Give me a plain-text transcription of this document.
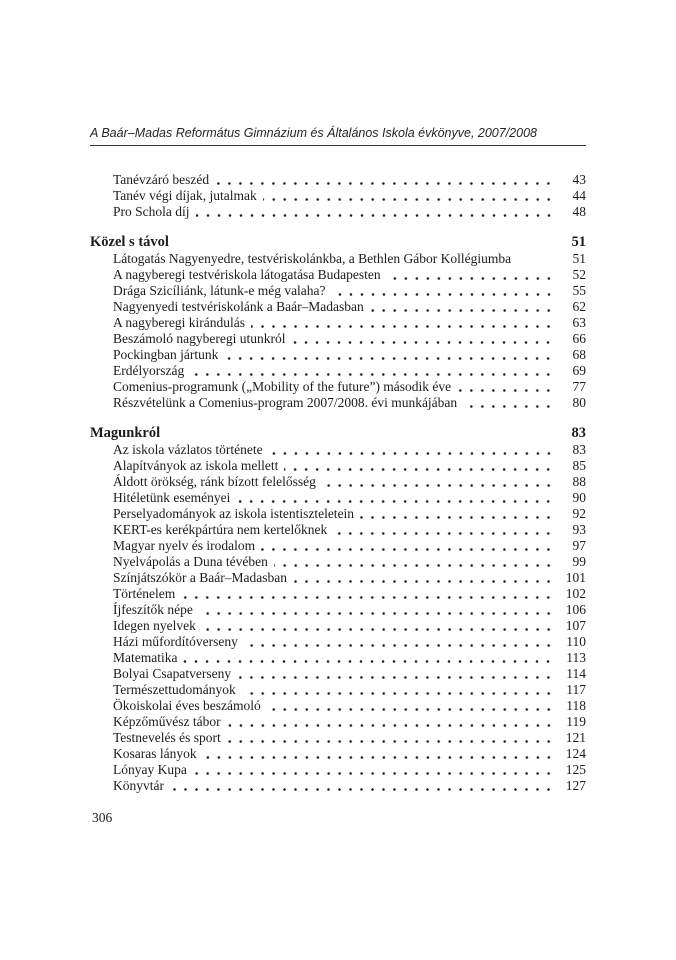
A Baár–Madas Református Gimnázium és Általános Iskola évkönyve, 2007/2008
Tanévzáró beszéd	43
Tanév végi díjak, jutalmak	44
Pro Schola díj	48
Közel s távol	51
Látogatás Nagyenyedre, testvériskolánkba, a Bethlen Gábor Kollégiumba	51
A nagyberegi testvériskola látogatása Budapesten	52
Drága Szicíliánk, látunk-e még valaha?	55
Nagyenyedi testvériskolánk a Baár–Madasban	62
A nagyberegi kirándulás	63
Beszámoló nagyberegi utunkról	66
Pockingban jártunk	68
Erdélyország	69
Comenius-programunk („Mobility of the future”) második éve	77
Részvételünk a Comenius-program 2007/2008. évi munkájában	80
Magunkról	83
Az iskola vázlatos története	83
Alapítványok az iskola mellett	85
Áldott örökség, ránk bízott felelősség	88
Hitéletünk eseményei	90
Perselyadományok az iskola istentiszteletein	92
KERT-es kerékpártúra nem kertelőknek	93
Magyar nyelv és irodalom	97
Nyelvápolás a Duna tévében	99
Színjátszókör a Baár–Madasban	101
Történelem	102
Íjfeszítők népe	106
Idegen nyelvek	107
Házi műfordítóverseny	110
Matematika	113
Bolyai Csapatverseny	114
Természettudományok	117
Ökoiskolai éves beszámoló	118
Képzőművész tábor	119
Testnevelés és sport	121
Kosaras lányok	124
Lónyay Kupa	125
Könyvtár	127
306
